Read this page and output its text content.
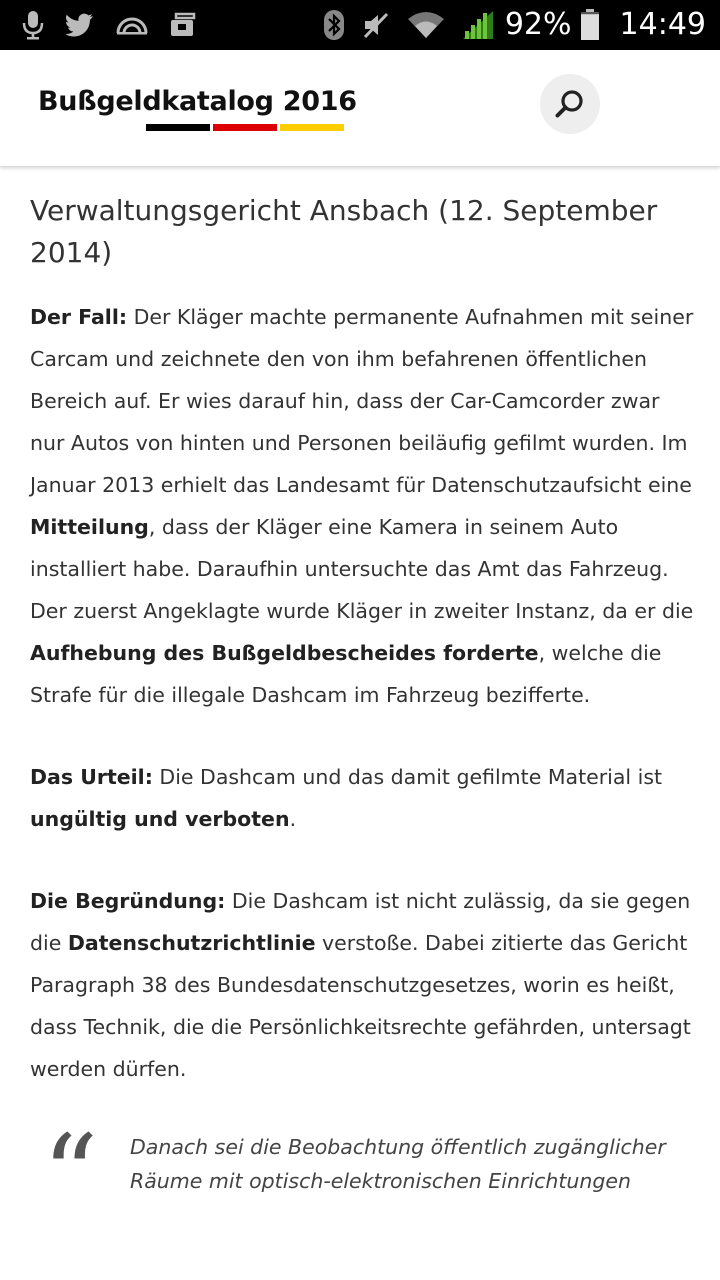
92% 14:49
Bußgeldkatalog 2016
Verwaltungsgericht Ansbach (12. September 2014)

Der Fall: Der Kläger machte permanente Aufnahmen mit seiner Carcam und zeichnete den von ihm befahrenen öffentlichen Bereich auf. Er wies darauf hin, dass der Car-Camcorder zwar nur Autos von hinten und Personen beiläufig gefilmt wurden. Im Januar 2013 erhielt das Landesamt für Datenschutzaufsicht eine Mitteilung, dass der Kläger eine Kamera in seinem Auto installiert habe. Daraufhin untersuchte das Amt das Fahrzeug. Der zuerst Angeklagte wurde Kläger in zweiter Instanz, da er die Aufhebung des Bußgeldbescheides forderte, welche die Strafe für die illegale Dashcam im Fahrzeug bezifferte.

Das Urteil: Die Dashcam und das damit gefilmte Material ist ungültig und verboten.

Die Begründung: Die Dashcam ist nicht zulässig, da sie gegen die Datenschutzrichtlinie verstoße. Dabei zitierte das Gericht Paragraph 38 des Bundesdatenschutzgesetzes, worin es heißt, dass Technik, die die Persönlichkeitsrechte gefährden, untersagt werden dürfen.

“ Danach sei die Beobachtung öffentlich zugänglicher Räume mit optisch-elektronischen Einrichtungen
